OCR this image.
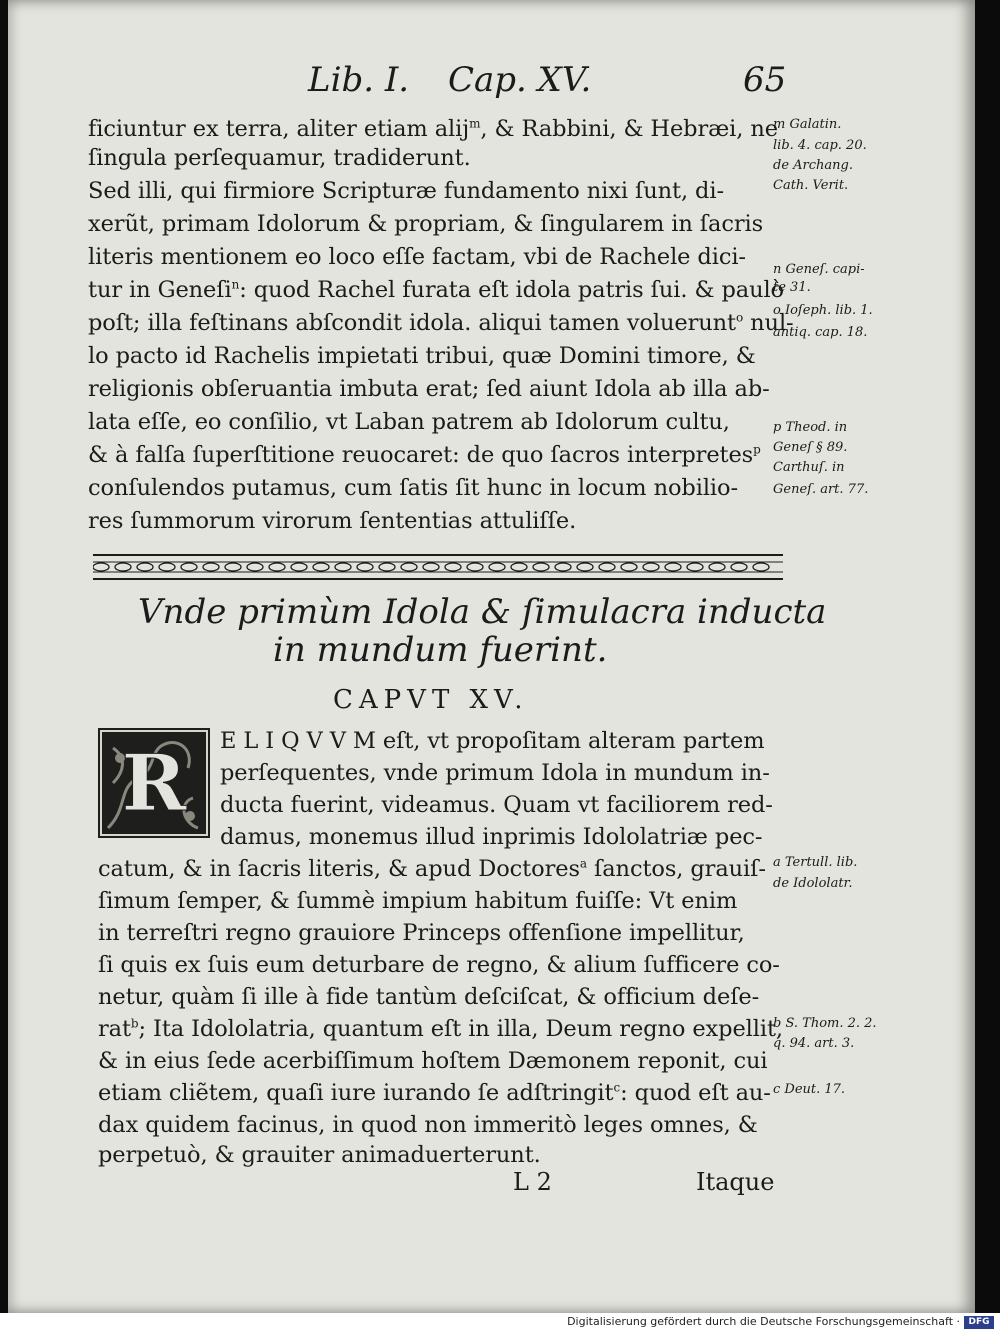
Lib. I. Cap. XV.	65
ficiuntur ex terra, aliter etiam alij$^m$, & Rabbini, & Hebræi, ne
ſingula perſequamur, tradiderunt.
Sed illi, qui firmiore Scripturæ fundamento nixi ſunt, di-
xerũt, primam Idolorum & propriam, & ſingularem in ſacris
literis mentionem eo loco eſſe factam, vbi de Rachele dici-
tur in Geneſi$^n$: quod Rachel furata eſt idola patris ſui. & paulò
poſt; illa feſtinans abſcondit idola. aliqui tamen voluerunt$^o$ nul-
lo pacto id Rachelis impietati tribui, quæ Domini timore, &
religionis obſeruantia imbuta erat; ſed aiunt Idola ab illa ab-
lata eſſe, eo conſilio, vt Laban patrem ab Idolorum cultu,
& à falſa ſuperſtitione reuocaret: de quo ſacros interpretes$^p$
conſulendos putamus, cum ſatis ſit hunc in locum nobilio-
res ſummorum virorum ſententias attuliſſe.
m Galatin.
lib. 4. cap. 20.
de Archang.
Cath. Verit.
n Geneſ. capi-
te 31.
o Ioſeph. lib. 1.
antiq. cap. 18.
p Theod. in
Geneſ § 89.
Carthuſ. in
Geneſ. art. 77.
Vnde primùm Idola & ſimulacra inducta
in mundum fuerint.
CAPVT XV.
R E L I Q V V M eſt, vt propoſitam alteram partem
perſequentes, vnde primum Idola in mundum in-
ducta fuerint, videamus. Quam vt faciliorem red-
damus, monemus illud inprimis Idololatriæ pec-
catum, & in ſacris literis, & apud Doctores$^a$ ſanctos, grauiſ-
ſimum ſemper, & ſummè impium habitum fuiſſe: Vt enim
in terreſtri regno grauiore Princeps offenſione impellitur,
ſi quis ex ſuis eum deturbare de regno, & alium ſufficere co-
netur, quàm ſi ille à fide tantùm deſciſcat, & officium deſe-
rat$^b$; Ita Idololatria, quantum eſt in illa, Deum regno expellit,
& in eius ſede acerbiſſimum hoſtem Dæmonem reponit, cui
etiam cliẽtem, quaſi iure iurando ſe adſtringit$^c$: quod eſt au-
dax quidem facinus, in quod non immeritò leges omnes, &
perpetuò, & grauiter animaduerterunt.
a Tertull. lib.
de Idololatr.
b S. Thom. 2. 2.
q. 94. art. 3.
c Deut. 17.
L 2	Itaque
Digitalisierung gefördert durch die Deutsche Forschungsgemeinschaft · DFG
